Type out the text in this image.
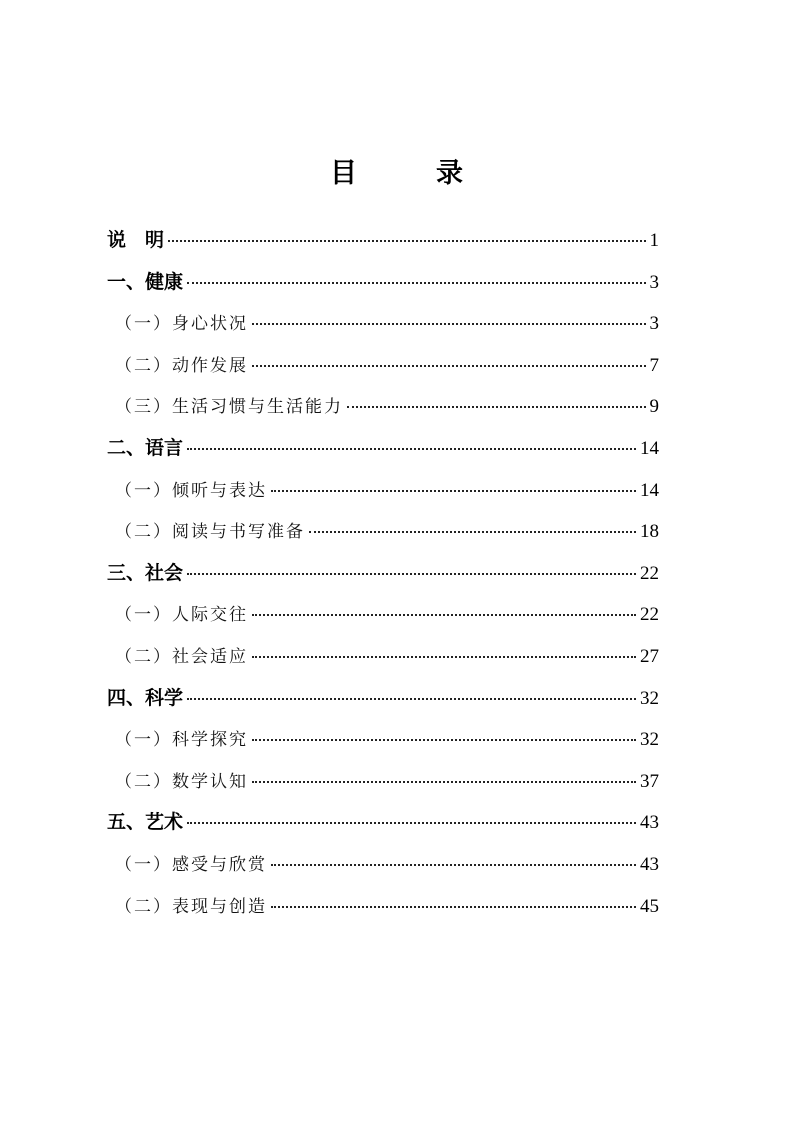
目　录
说　明	1
一、健康	3
（一）身心状况	3
（二）动作发展	7
（三）生活习惯与生活能力	9
二、语言	14
（一）倾听与表达	14
（二）阅读与书写准备	18
三、社会	22
（一）人际交往	22
（二）社会适应	27
四、科学	32
（一）科学探究	32
（二）数学认知	37
五、艺术	43
（一）感受与欣赏	43
（二）表现与创造	45
